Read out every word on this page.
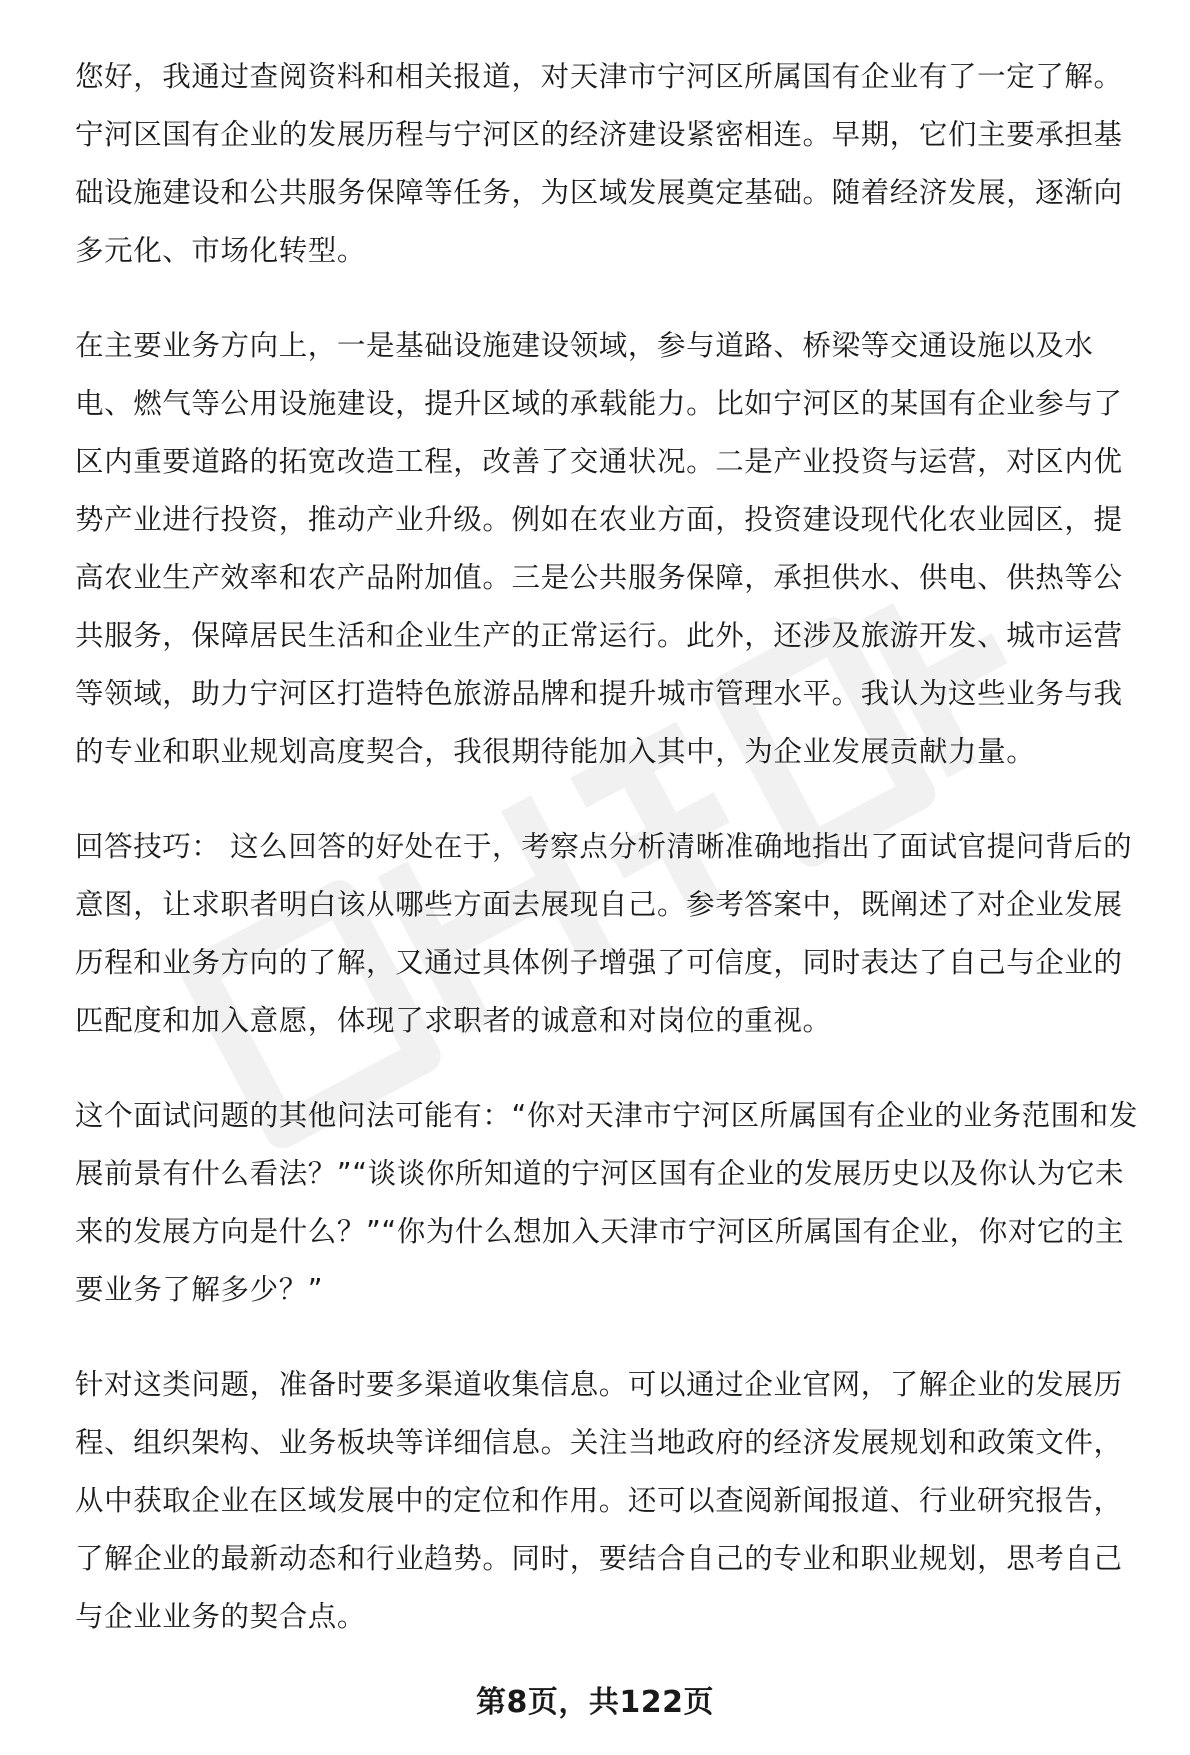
您好，我通过查阅资料和相关报道，对天津市宁河区所属国有企业有了一定了解。
宁河区国有企业的发展历程与宁河区的经济建设紧密相连。早期，它们主要承担基
础设施建设和公共服务保障等任务，为区域发展奠定基础。随着经济发展，逐渐向
多元化、市场化转型。

在主要业务方向上，一是基础设施建设领域，参与道路、桥梁等交通设施以及水
电、燃气等公用设施建设，提升区域的承载能力。比如宁河区的某国有企业参与了
区内重要道路的拓宽改造工程，改善了交通状况。二是产业投资与运营，对区内优
势产业进行投资，推动产业升级。例如在农业方面，投资建设现代化农业园区，提
高农业生产效率和农产品附加值。三是公共服务保障，承担供水、供电、供热等公
共服务，保障居民生活和企业生产的正常运行。此外，还涉及旅游开发、城市运营
等领域，助力宁河区打造特色旅游品牌和提升城市管理水平。我认为这些业务与我
的专业和职业规划高度契合，我很期待能加入其中，为企业发展贡献力量。

回答技巧： 这么回答的好处在于，考察点分析清晰准确地指出了面试官提问背后的
意图，让求职者明白该从哪些方面去展现自己。参考答案中，既阐述了对企业发展
历程和业务方向的了解，又通过具体例子增强了可信度，同时表达了自己与企业的
匹配度和加入意愿，体现了求职者的诚意和对岗位的重视。

这个面试问题的其他问法可能有：“你对天津市宁河区所属国有企业的业务范围和发
展前景有什么看法？”“谈谈你所知道的宁河区国有企业的发展历史以及你认为它未
来的发展方向是什么？”“你为什么想加入天津市宁河区所属国有企业，你对它的主
要业务了解多少？”

针对这类问题，准备时要多渠道收集信息。可以通过企业官网，了解企业的发展历
程、组织架构、业务板块等详细信息。关注当地政府的经济发展规划和政策文件，
从中获取企业在区域发展中的定位和作用。还可以查阅新闻报道、行业研究报告，
了解企业的最新动态和行业趋势。同时，要结合自己的专业和职业规划，思考自己
与企业业务的契合点。

第8页，共122页
